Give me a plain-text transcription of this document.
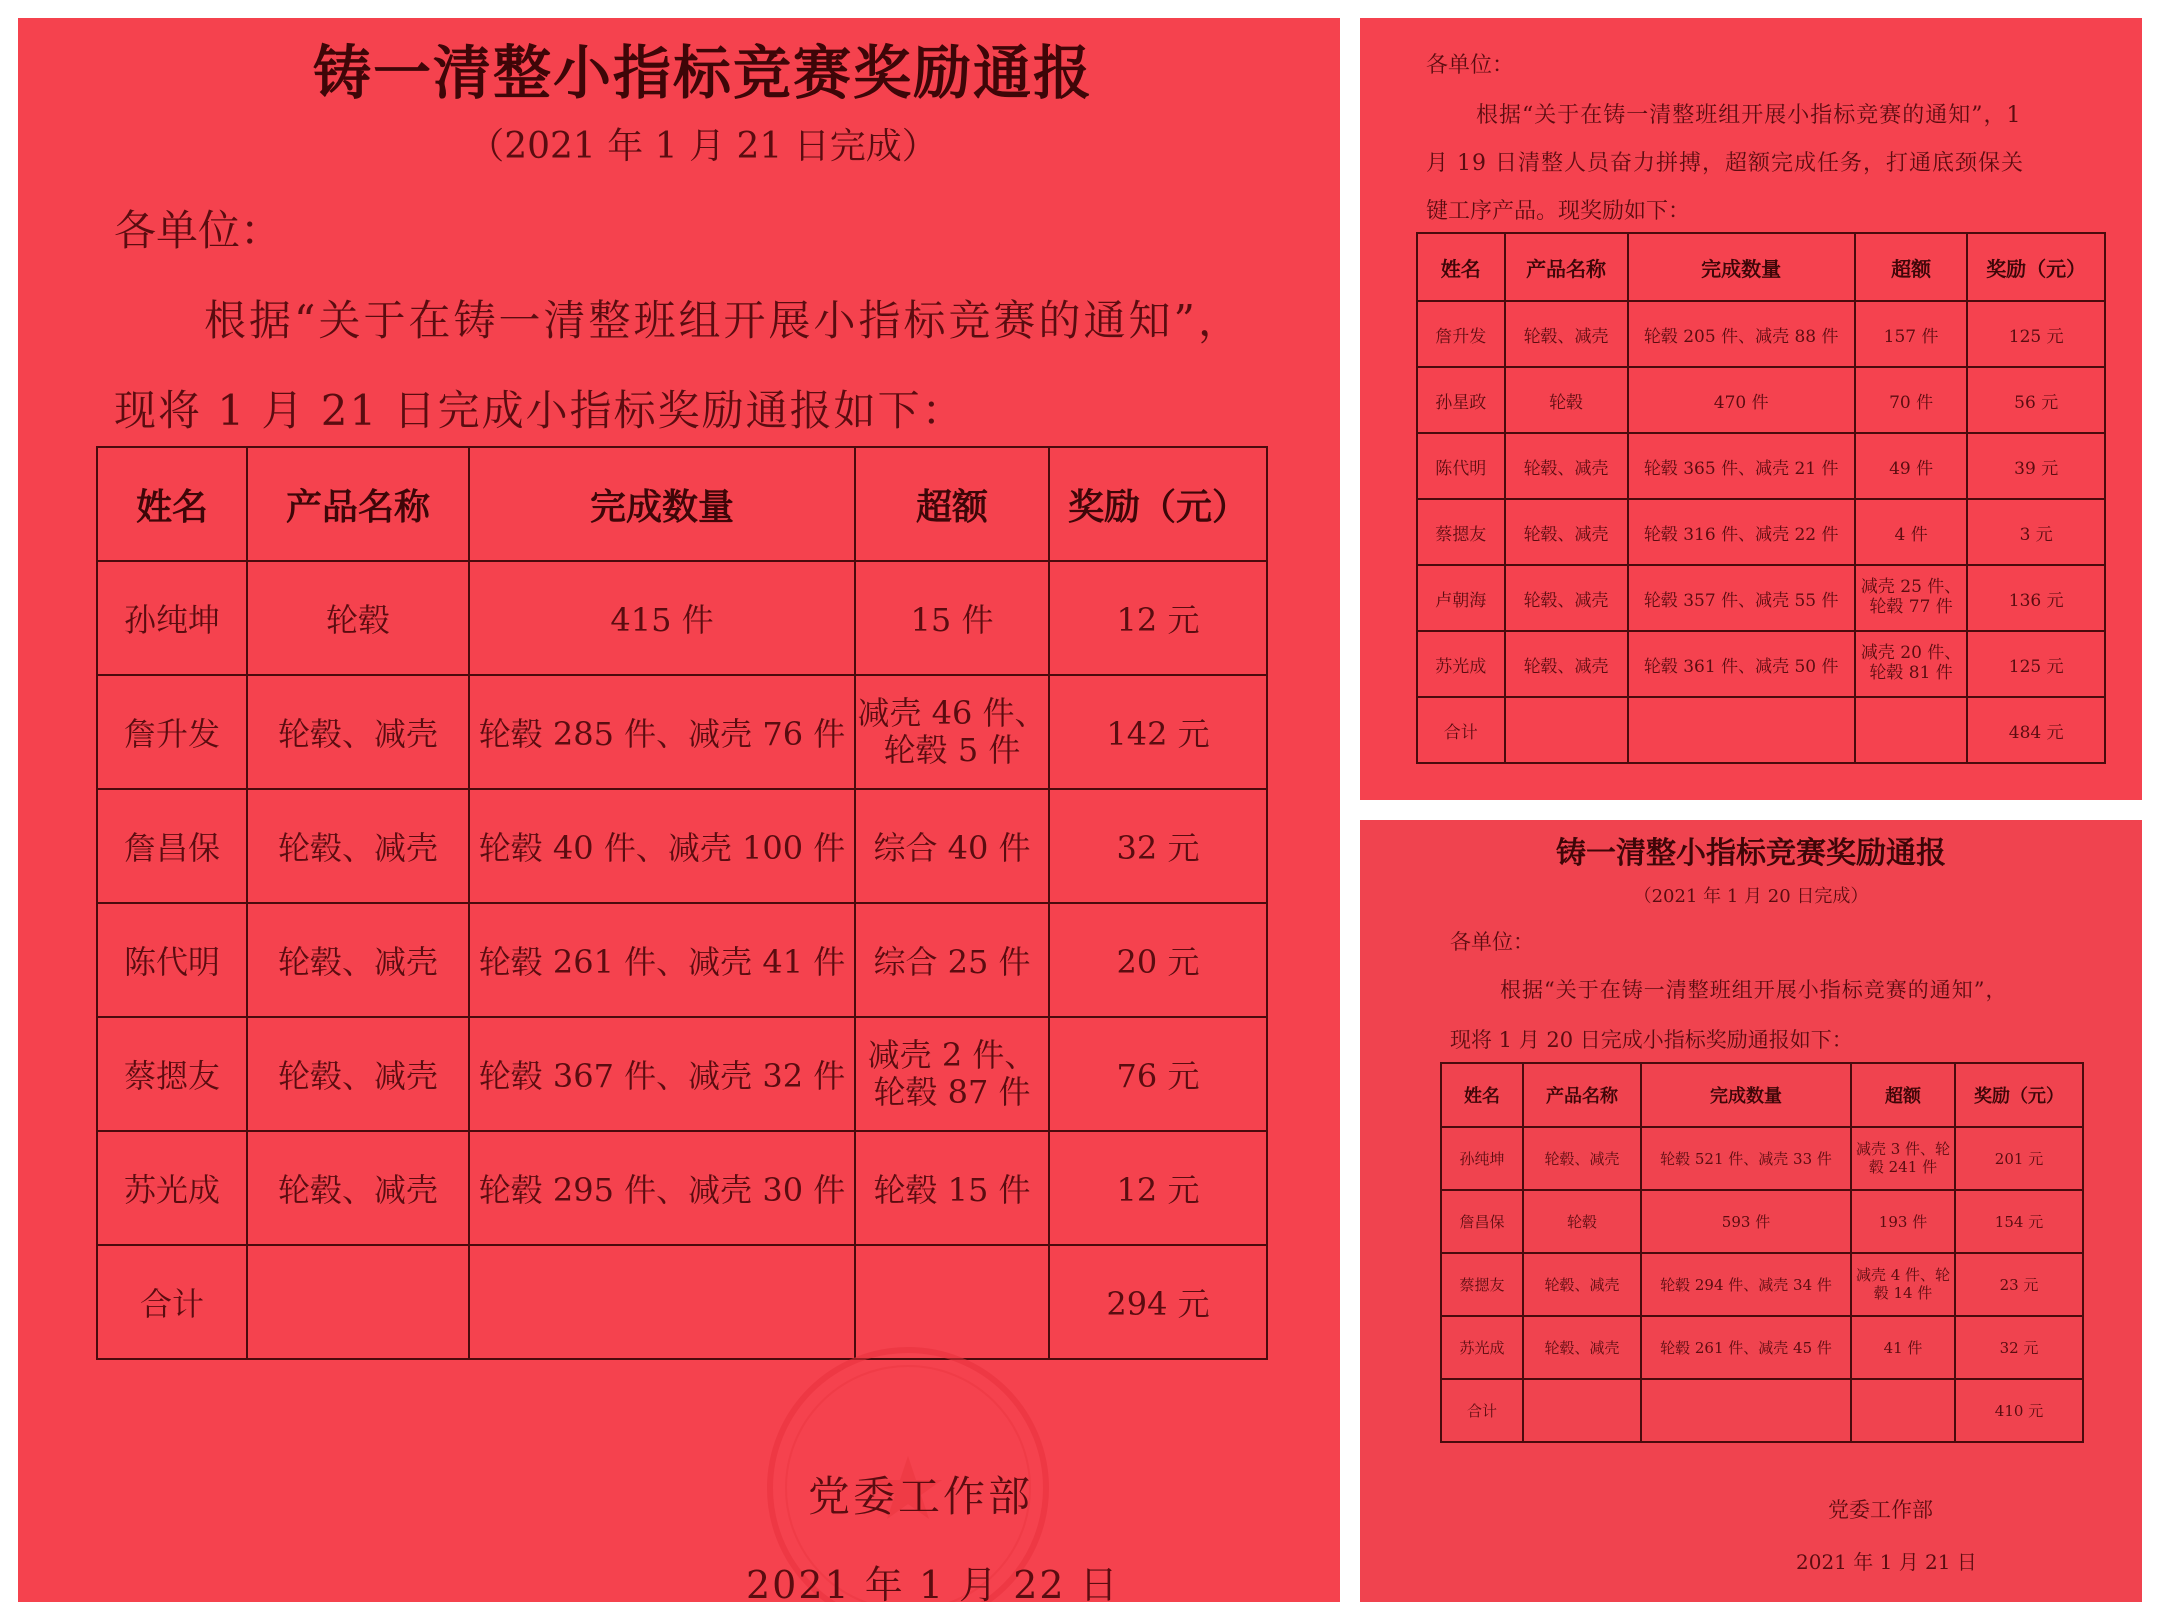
铸一清整小指标竞赛奖励通报
（2021 年 1 月 21 日完成）
各单位：
根据“关于在铸一清整班组开展小指标竞赛的通知”，
现将 1 月 21 日完成小指标奖励通报如下：
姓名	产品名称	完成数量	超额	奖励（元）
孙纯坤	轮毂	415 件	15 件	12 元
詹升发	轮毂、减壳	轮毂 285 件、减壳 76 件	减壳 46 件、轮毂 5 件	142 元
詹昌保	轮毂、减壳	轮毂 40 件、减壳 100 件	综合 40 件	32 元
陈代明	轮毂、减壳	轮毂 261 件、减壳 41 件	综合 25 件	20 元
蔡摁友	轮毂、减壳	轮毂 367 件、减壳 32 件	减壳 2 件、轮毂 87 件	76 元
苏光成	轮毂、减壳	轮毂 295 件、减壳 30 件	轮毂 15 件	12 元
合计				294 元
党委工作部
2021 年 1 月 22 日
各单位：
根据“关于在铸一清整班组开展小指标竞赛的通知”，1
月 19 日清整人员奋力拼搏，超额完成任务，打通底颈保关
键工序产品。现奖励如下：
姓名	产品名称	完成数量	超额	奖励（元）
詹升发	轮毂、减壳	轮毂 205 件、减壳 88 件	157 件	125 元
孙星政	轮毂	470 件	70 件	56 元
陈代明	轮毂、减壳	轮毂 365 件、减壳 21 件	49 件	39 元
蔡摁友	轮毂、减壳	轮毂 316 件、减壳 22 件	4 件	3 元
卢朝海	轮毂、减壳	轮毂 357 件、减壳 55 件	减壳 25 件、轮毂 77 件	136 元
苏光成	轮毂、减壳	轮毂 361 件、减壳 50 件	减壳 20 件、轮毂 81 件	125 元
合计				484 元
铸一清整小指标竞赛奖励通报
（2021 年 1 月 20 日完成）
各单位：
根据“关于在铸一清整班组开展小指标竞赛的通知”，
现将 1 月 20 日完成小指标奖励通报如下：
姓名	产品名称	完成数量	超额	奖励（元）
孙纯坤	轮毂、减壳	轮毂 521 件、减壳 33 件	减壳 3 件、轮毂 241 件	201 元
詹昌保	轮毂	593 件	193 件	154 元
蔡摁友	轮毂、减壳	轮毂 294 件、减壳 34 件	减壳 4 件、轮毂 14 件	23 元
苏光成	轮毂、减壳	轮毂 261 件、减壳 45 件	41 件	32 元
合计				410 元
党委工作部
2021 年 1 月 21 日
